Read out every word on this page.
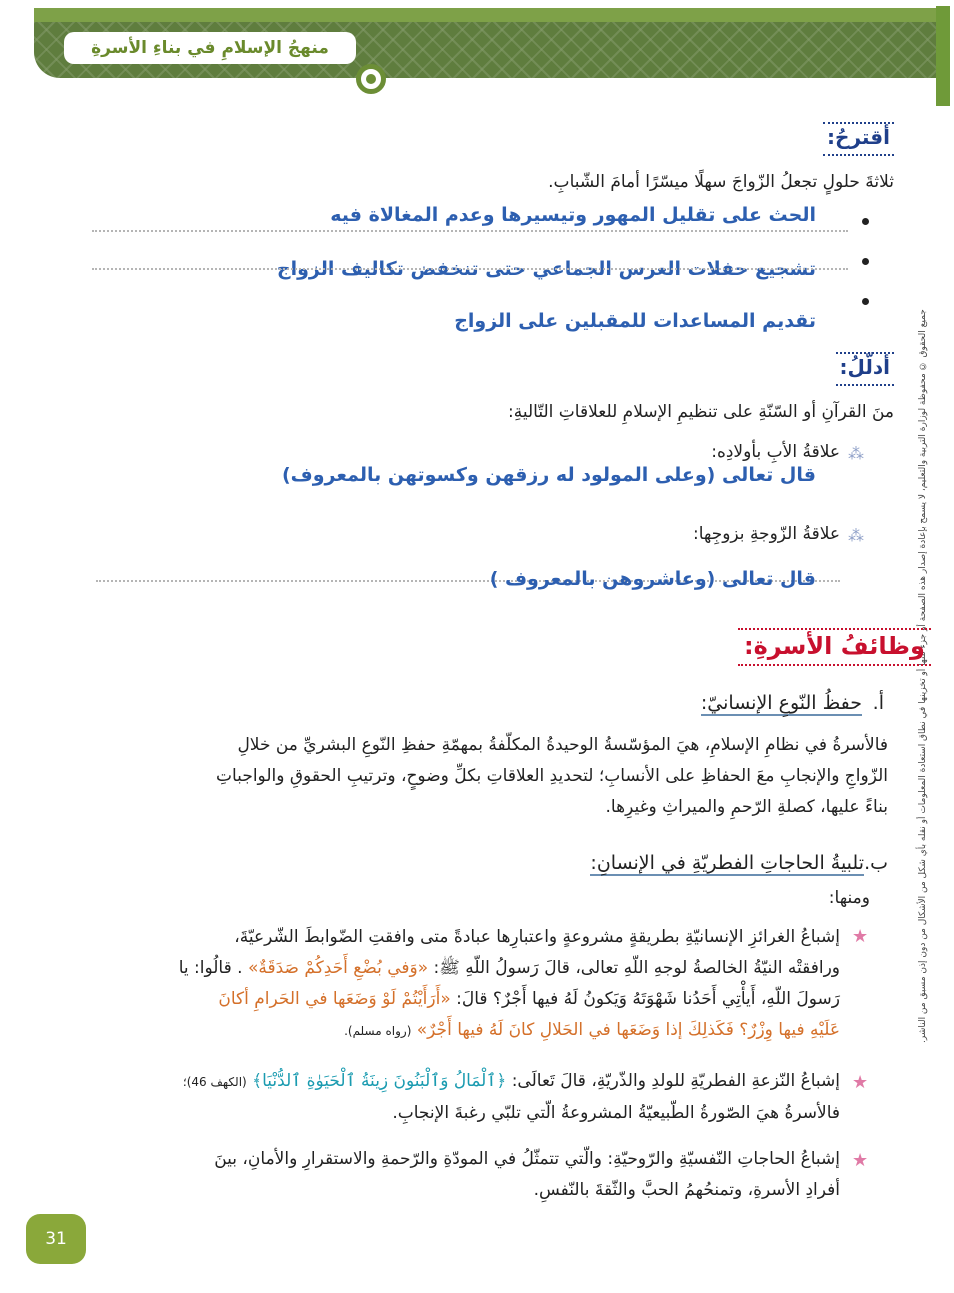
منهجُ الإسلامِ في بناءِ الأسرةِ
جميع الحقوق © محفوظة لوزارة التربية والتعليم، لا يسمح بإعادة إصدار هذه الصفحة أو جزء منها أو تخزينها في نطاق استعادة المعلومات أو نقله بأي شكل من الأشكال من دون إذن مسبق من الناشر.
أقترحُ:
ثلاثةَ حلولٍ تجعلُ الزّواجَ سهلًا ميسّرًا أمامَ الشّبابِ.
الحث على تقليل المهور وتيسيرها وعدم المغالاة فيه
تشجيع حفلات العرس الجماعي حتى تنخفض تكاليف الزواج
تقديم المساعدات للمقبلين على الزواج
أدلّلُ:
منَ القرآنِ أو السّنّةِ على تنظيمِ الإسلامِ للعلاقاتِ التّاليةِ:
⁂
علاقةُ الأبِ بأولادِه:
قال تعالى (وعلى المولود له رزقهن وكسوتهن بالمعروف)
⁂
علاقةُ الزّوجةِ بزوجِها:
قال تعالى (وعاشروهن بالمعروف )
وظائفُ الأسرةِ:
أ.
حفظُ النّوعِ الإنسانيّ:
فالأسرةُ في نظامِ الإسلامِ، هيَ المؤسّسةُ الوحيدةُ المكلّفةُ بمهمّةِ حفظِ النّوعِ البشريِّ من خلالِ
الزّواجِ والإنجابِ معَ الحفاظِ على الأنسابِ؛ لتحديدِ العلاقاتِ بكلِّ وضوحٍ، وترتيبِ الحقوقِ والواجباتِ
بناءً عليها، كصلةِ الرّحمِ والميراثِ وغيرِها.
ب.
تلبيةُ الحاجاتِ الفطريّةِ في الإنسانِ:
ومنها:
★
إشباعُ الغرائزِ الإنسانيّةِ بطريقةٍ مشروعةٍ واعتبارِها عبادةً متى وافقتِ الضّوابطَ الشّرعيّةَ،
ورافقتْه النيّةُ الخالصةُ لوجهِ اللّهِ تعالى، قالَ رَسولُ اللّهِ ﷺ: «وَفي بُضْعِ أَحَدِكُمْ صَدَقَةٌ» . قالُوا: يا
رَسولَ اللّهِ، أَيأْتِي أَحَدُنا شَهْوَتَهُ وَيَكونُ لَهُ فيها أَجْرٌ؟ قالَ: «أَرَأَيْتُمْ لَوْ وَضَعَها في الحَرامِ أكانَ
عَلَيْهِ فيها وِزْرٌ؟ فَكَذلِكَ إذا وَضَعَها في الحَلالِ كانَ لَهُ فيها أَجْرٌ» (رواه مسلم).
★
إشباعُ النّزعةِ الفطريّةِ للولدِ والذّريّةِ، قالَ تَعالَى: ﴿ٱلْمَالُ وَٱلْبَنُونَ زِينَةُ ٱلْحَيَوٰةِ ٱلدُّنْيَا﴾ (الكهف 46)؛
فالأسرةُ هيَ الصّورةُ الطّبيعيّةُ المشروعةُ الّتي تلبّي رغبةَ الإنجابِ.
★
إشباعُ الحاجاتِ النّفسيّةِ والرّوحيّةِ: والّتي تتمثّلُ في المودّةِ والرّحمةِ والاستقرارِ والأمانِ، بينَ
أفرادِ الأسرةِ، وتمنحُهمُ الحبَّ والثّقةَ بالنّفسِ.
31
